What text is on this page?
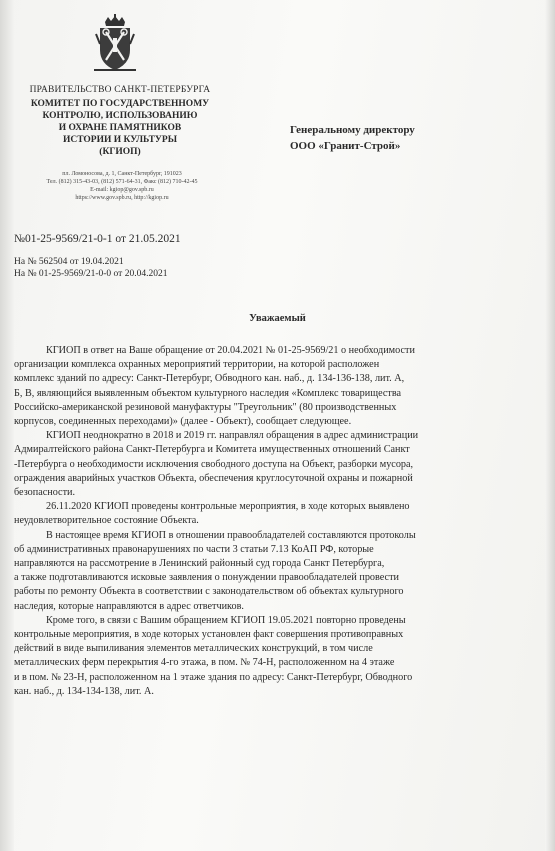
ПРАВИТЕЛЬСТВО САНКТ-ПЕТЕРБУРГА
КОМИТЕТ ПО ГОСУДАРСТВЕННОМУ
КОНТРОЛЮ, ИСПОЛЬЗОВАНИЮ
И ОХРАНЕ ПАМЯТНИКОВ
ИСТОРИИ И КУЛЬТУРЫ
(КГИОП)
пл. Ломоносова, д. 1, Санкт-Петербург, 191023
Тел. (812) 315-43-03, (812) 571-64-31, Факс (812) 710-42-45
E-mail: kgiop@gov.spb.ru
https://www.gov.spb.ru, http://kgiop.ru
Генеральному директору
ООО «Гранит-Строй»
№01-25-9569/21-0-1 от 21.05.2021
На № 562504 от 19.04.2021
На № 01-25-9569/21-0-0 от 20.04.2021
Уважаемый

КГИОП в ответ на Ваше обращение от 20.04.2021 № 01-25-9569/21 о необходимости
организации комплекса охранных мероприятий территории, на которой расположен
комплекс зданий по адресу: Санкт-Петербург, Обводного кан. наб., д. 134-136-138, лит. А,
Б, В, являющийся выявленным объектом культурного наследия «Комплекс товарищества
Российско-американской резиновой мануфактуры "Треугольник" (80 производственных
корпусов, соединенных переходами)» (далее - Объект), сообщает следующее.

КГИОП неоднократно в 2018 и 2019 гг. направлял обращения в адрес администрации
Адмиралтейского района Санкт-Петербурга и Комитета имущественных отношений Санкт
-Петербурга о необходимости исключения свободного доступа на Объект, разборки мусора,
ограждения аварийных участков Объекта, обеспечения круглосуточной охраны и пожарной
безопасности.

26.11.2020 КГИОП проведены контрольные мероприятия, в ходе которых выявлено
неудовлетворительное состояние Объекта.

В настоящее время КГИОП в отношении правообладателей составляются протоколы
об административных правонарушениях по части 3 статьи 7.13 КоАП РФ, которые
направляются на рассмотрение в Ленинский районный суд города Санкт Петербурга,
а также подготавливаются исковые заявления о понуждении правообладателей провести
работы по ремонту Объекта в соответствии с законодательством об объектах культурного
наследия, которые направляются в адрес ответчиков.

Кроме того, в связи с Вашим обращением КГИОП 19.05.2021 повторно проведены
контрольные мероприятия, в ходе которых установлен факт совершения противоправных
действий в виде выпиливания элементов металлических конструкций, в том числе
металлических ферм перекрытия 4-го этажа, в пом. № 74-Н, расположенном на 4 этаже
и в пом. № 23-Н, расположенном на 1 этаже здания по адресу: Санкт-Петербург, Обводного
кан. наб., д. 134-134-138, лит. А.
